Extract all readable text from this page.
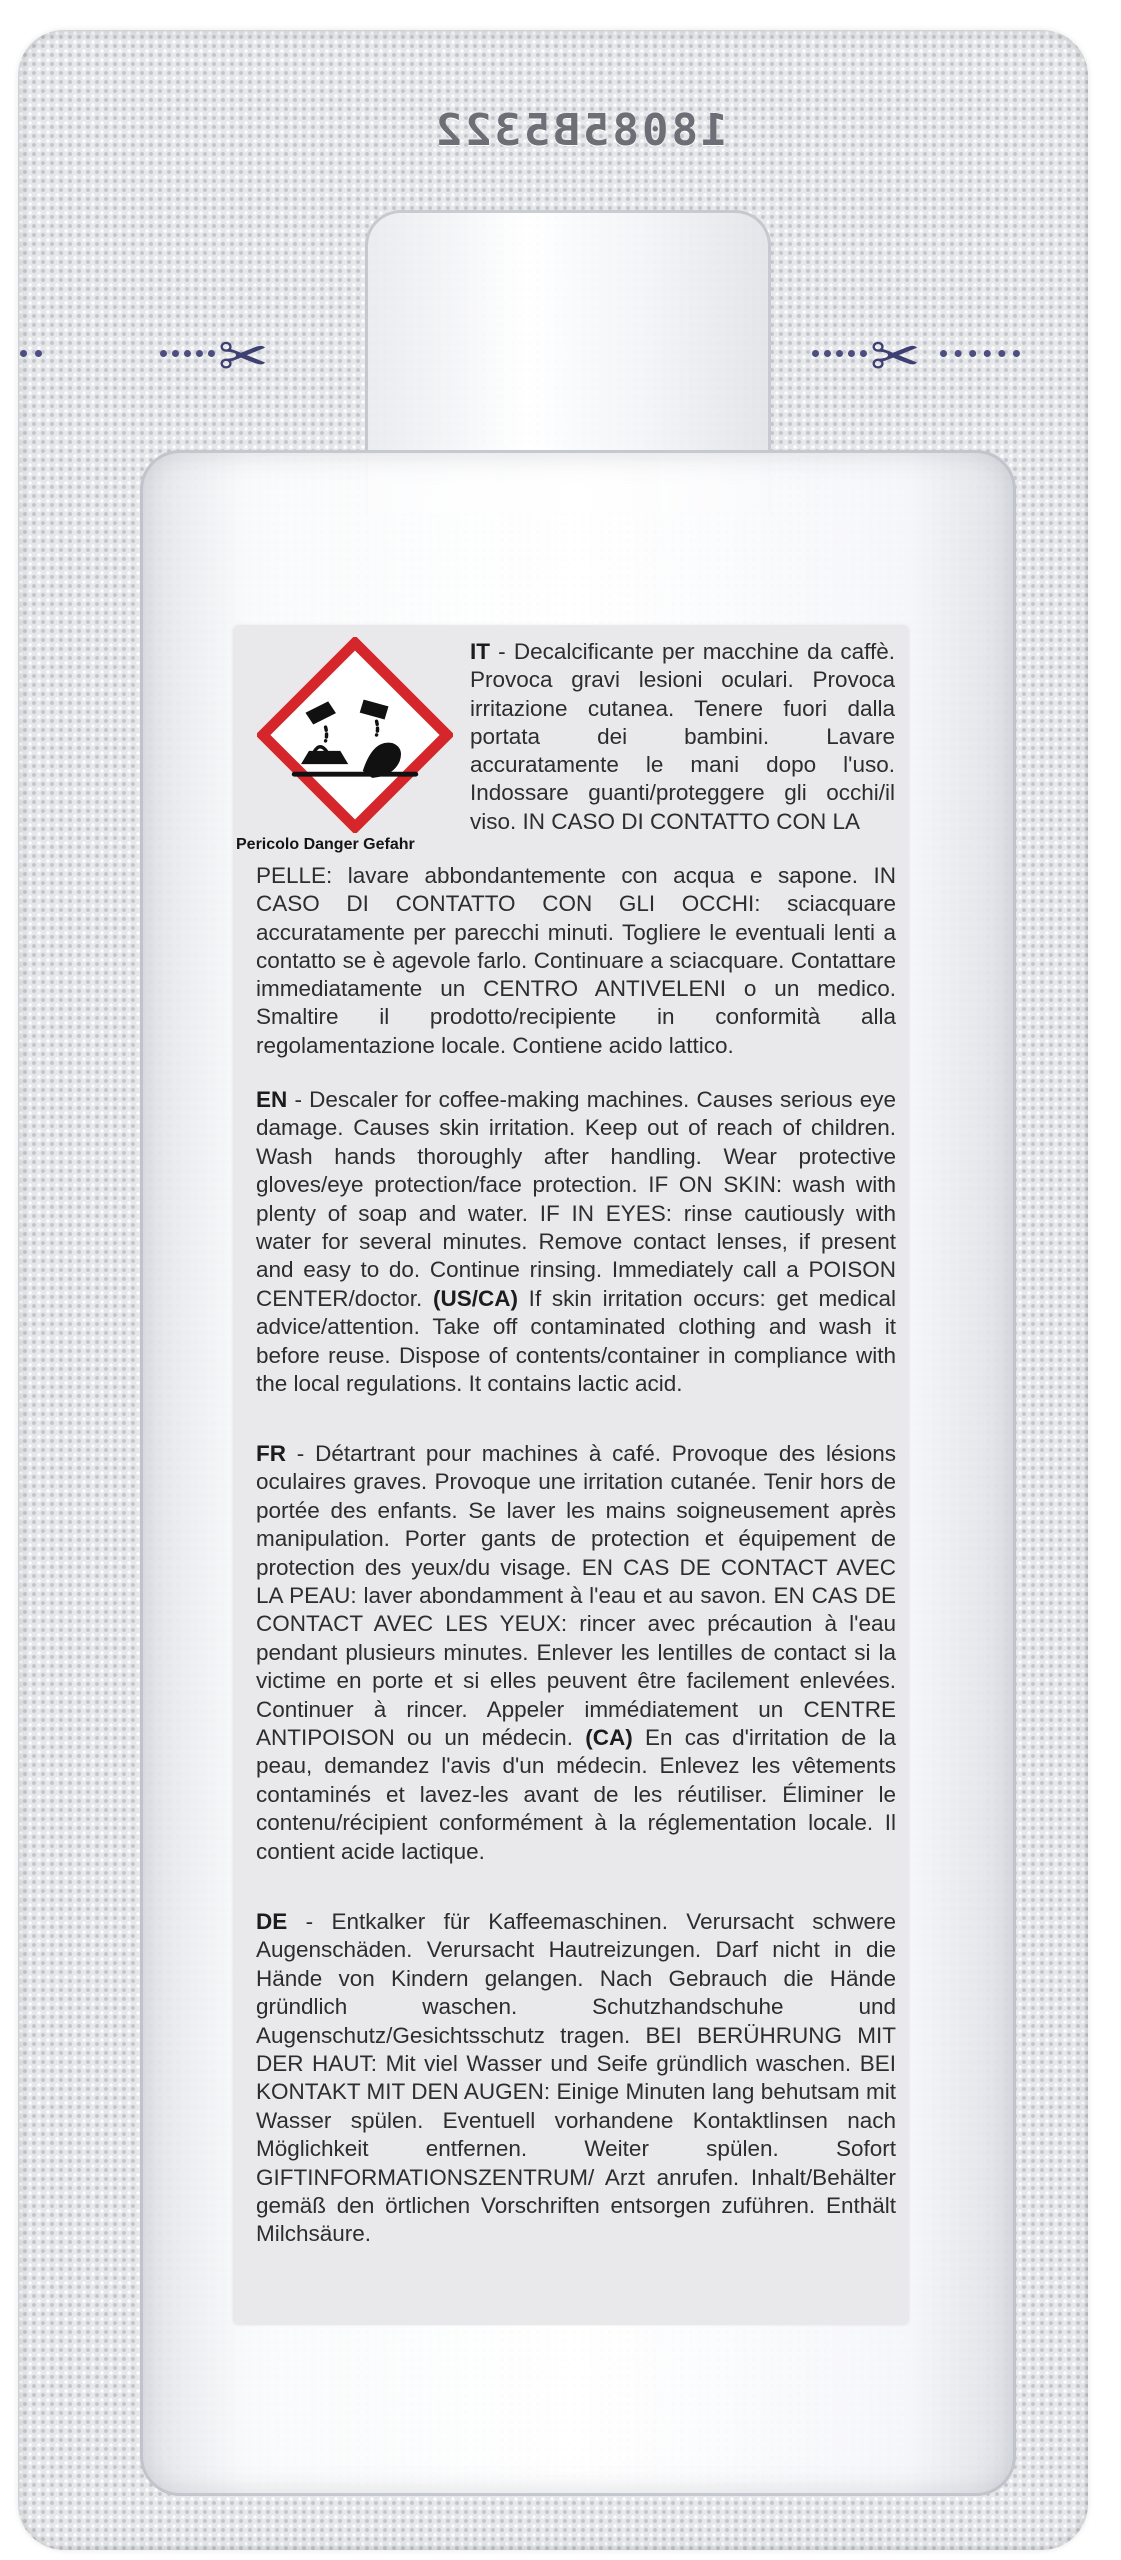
18085B5322
✂	✂
Pericolo Danger Gefahr

IT - Decalcificante per macchine da caffè. Provoca gravi lesioni oculari. Provoca irritazione cutanea. Tenere fuori dalla portata dei bambini. Lavare accuratamente le mani dopo l'uso. Indossare guanti/proteggere gli occhi/il viso. IN CASO DI CONTATTO CON LA

PELLE: lavare abbondantemente con acqua e sapone. IN CASO DI CONTATTO CON GLI OCCHI: sciacquare accuratamente per parecchi minuti. Togliere le eventuali lenti a contatto se è agevole farlo. Continuare a sciacquare. Contattare immediatamente un CENTRO ANTIVELENI o un medico. Smaltire il prodotto/recipiente in conformità alla regolamentazione locale. Contiene acido lattico.

EN - Descaler for coffee-making machines. Causes serious eye damage. Causes skin irritation. Keep out of reach of children. Wash hands thoroughly after handling. Wear protective gloves/eye protection/face protection. IF ON SKIN: wash with plenty of soap and water. IF IN EYES: rinse cautiously with water for several minutes. Remove contact lenses, if present and easy to do. Continue rinsing. Immediately call a POISON CENTER/doctor. (US/CA) If skin irritation occurs: get medical advice/attention. Take off contaminated clothing and wash it before reuse. Dispose of contents/container in compliance with the local regulations. It contains lactic acid.

FR - Détartrant pour machines à café. Provoque des lésions oculaires graves. Provoque une irritation cutanée. Tenir hors de portée des enfants. Se laver les mains soigneusement après manipulation. Porter gants de protection et équipement de protection des yeux/du visage. EN CAS DE CONTACT AVEC LA PEAU: laver abondamment à l'eau et au savon. EN CAS DE CONTACT AVEC LES YEUX: rincer avec précaution à l'eau pendant plusieurs minutes. Enlever les lentilles de contact si la victime en porte et si elles peuvent être facilement enlevées. Continuer à rincer. Appeler immédiatement un CENTRE ANTIPOISON ou un médecin. (CA) En cas d'irritation de la peau, demandez l'avis d'un médecin. Enlevez les vêtements contaminés et lavez-les avant de les réutiliser. Éliminer le contenu/récipient conformément à la réglementation locale. Il contient acide lactique.

DE - Entkalker für Kaffeemaschinen. Verursacht schwere Augenschäden. Verursacht Hautreizungen. Darf nicht in die Hände von Kindern gelangen. Nach Gebrauch die Hände gründlich waschen. Schutzhandschuhe und Augenschutz/Gesichtsschutz tragen. BEI BERÜHRUNG MIT DER HAUT: Mit viel Wasser und Seife gründlich waschen. BEI KONTAKT MIT DEN AUGEN: Einige Minuten lang behutsam mit Wasser spülen. Eventuell vorhandene Kontaktlinsen nach Möglichkeit entfernen. Weiter spülen. Sofort GIFTINFORMATIONSZENTRUM/ Arzt anrufen. Inhalt/Behälter gemäß den örtlichen Vorschriften entsorgen zuführen. Enthält Milchsäure.
